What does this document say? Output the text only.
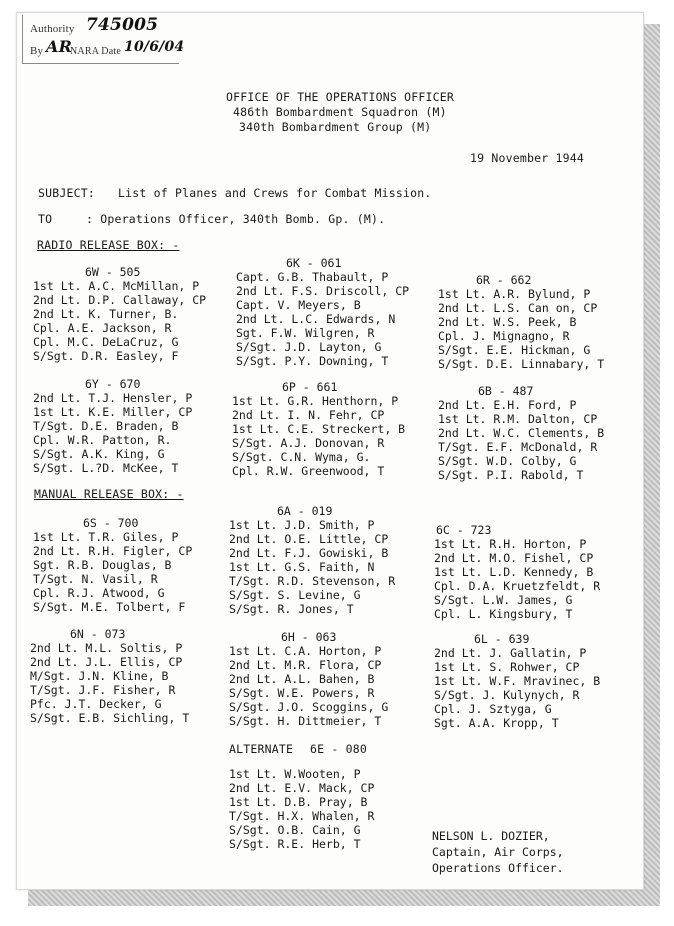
Authority 745005
By AR
NARA Date 10/6/04
OFFICE OF THE OPERATIONS OFFICER
486th Bombardment Squadron (M)
340th Bombardment Group (M)
19 November 1944
SUBJECT: List of Planes and Crews for Combat Mission.
TO	: Operations Officer, 340th Bomb. Gp. (M).
RADIO RELEASE BOX: -
MANUAL RELEASE BOX: -
6W - 505
1st Lt. A.C. McMillan, P
2nd Lt. D.P. Callaway, CP
2nd Lt. K. Turner, B.
Cpl. A.E. Jackson, R
Cpl. M.C. DeLaCruz, G
S/Sgt. D.R. Easley, F
6K - 061
Capt. G.B. Thabault, P
2nd Lt. F.S. Driscoll, CP
Capt. V. Meyers, B
2nd Lt. L.C. Edwards, N
Sgt. F.W. Wilgren, R
S/Sgt. J.D. Layton, G
S/Sgt. P.Y. Downing, T
6R - 662
1st Lt. A.R. Bylund, P
2nd Lt. L.S. Can on, CP
2nd Lt. W.S. Peek, B
Cpl. J. Mignagno, R
S/Sgt. E.E. Hickman, G
S/Sgt. D.E. Linnabary, T
6Y - 670
2nd Lt. T.J. Hensler, P
1st Lt. K.E. Miller, CP
T/Sgt. D.E. Braden, B
Cpl. W.R. Patton, R.
S/Sgt. A.K. King, G
S/Sgt. L.?D. McKee, T
6P - 661
1st Lt. G.R. Henthorn, P
2nd Lt. I. N. Fehr, CP
1st Lt. C.E. Streckert, B
S/Sgt. A.J. Donovan, R
S/Sgt. C.N. Wyma, G.
Cpl. R.W. Greenwood, T
6B - 487
2nd Lt. E.H. Ford, P
1st Lt. R.M. Dalton, CP
2nd Lt. W.C. Clements, B
T/Sgt. E.F. McDonald, R
S/Sgt. W.D. Colby, G
S/Sgt. P.I. Rabold, T
6S - 700
1st Lt. T.R. Giles, P
2nd Lt. R.H. Figler, CP
Sgt. R.B. Douglas, B
T/Sgt. N. Vasil, R
Cpl. R.J. Atwood, G
S/Sgt. M.E. Tolbert, F
6A - 019
1st Lt. J.D. Smith, P
2nd Lt. O.E. Little, CP
2nd Lt. F.J. Gowiski, B
1st Lt. G.S. Faith, N
T/Sgt. R.D. Stevenson, R
S/Sgt. S. Levine, G
S/Sgt. R. Jones, T
6C - 723
1st Lt. R.H. Horton, P
2nd Lt. M.O. Fishel, CP
1st Lt. L.D. Kennedy, B
Cpl. D.A. Kruetzfeldt, R
S/Sgt. L.W. James, G
Cpl. L. Kingsbury, T
6N - 073
2nd Lt. M.L. Soltis, P
2nd Lt. J.L. Ellis, CP
M/Sgt. J.N. Kline, B
T/Sgt. J.F. Fisher, R
Pfc. J.T. Decker, G
S/Sgt. E.B. Sichling, T
6H - 063
1st Lt. C.A. Horton, P
2nd Lt. M.R. Flora, CP
2nd Lt. A.L. Bahen, B
S/Sgt. W.E. Powers, R
S/Sgt. J.O. Scoggins, G
S/Sgt. H. Dittmeier, T
6L - 639
2nd Lt. J. Gallatin, P
1st Lt. S. Rohwer, CP
1st Lt. W.F. Mravinec, B
S/Sgt. J. Kulynych, R
Cpl. J. Sztyga, G
Sgt. A.A. Kropp, T
ALTERNATE 6E - 080
1st Lt. W.Wooten, P
2nd Lt. E.V. Mack, CP
1st Lt. D.B. Pray, B
T/Sgt. H.X. Whalen, R
S/Sgt. O.B. Cain, G
S/Sgt. R.E. Herb, T
NELSON L. DOZIER,
Captain, Air Corps,
Operations Officer.
